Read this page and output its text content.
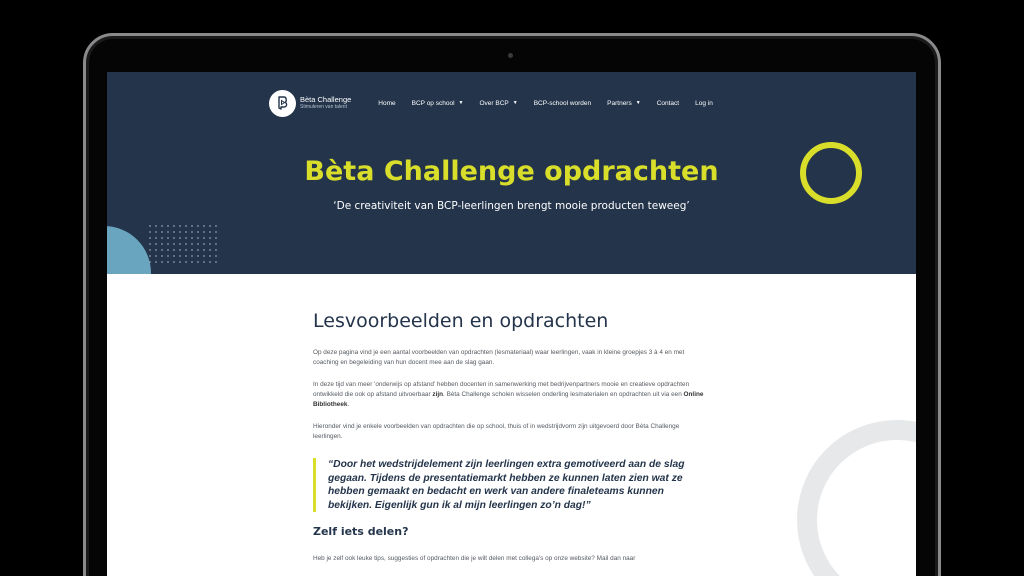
Bèta Challenge
Stimuleren van talent
Home BCP op school ▼ Over BCP ▼ BCP-school worden Partners ▼ Contact Log in
Bèta Challenge opdrachten

‘De creativiteit van BCP-leerlingen brengt mooie producten teweeg’

Lesvoorbeelden en opdrachten

Op deze pagina vind je een aantal voorbeelden van opdrachten (lesmateriaal) waar leerlingen, vaak in kleine groepjes 3 à 4 en met coaching en begeleiding van hun docent mee aan de slag gaan.

In deze tijd van meer 'onderwijs op afstand' hebben docenten in samenwerking met bedrijvenpartners mooie en creatieve opdrachten ontwikkeld die ook op afstand uitvoerbaar zijn. Bèta Challenge scholen wisselen onderling lesmaterialen en opdrachten uit via een Online Bibliotheek.

Hieronder vind je enkele voorbeelden van opdrachten die op school, thuis of in wedstrijdvorm zijn uitgevoerd door Bèta Challenge leerlingen.

“Door het wedstrijdelement zijn leerlingen extra gemotiveerd aan de slag gegaan. Tijdens de presentatiemarkt hebben ze kunnen laten zien wat ze hebben gemaakt en bedacht en werk van andere finaleteams kunnen bekijken. Eigenlijk gun ik al mijn leerlingen zo’n dag!”
Zelf iets delen?

Heb je zelf ook leuke tips, suggesties of opdrachten die je wilt delen met collega's op onze website? Mail dan naar
